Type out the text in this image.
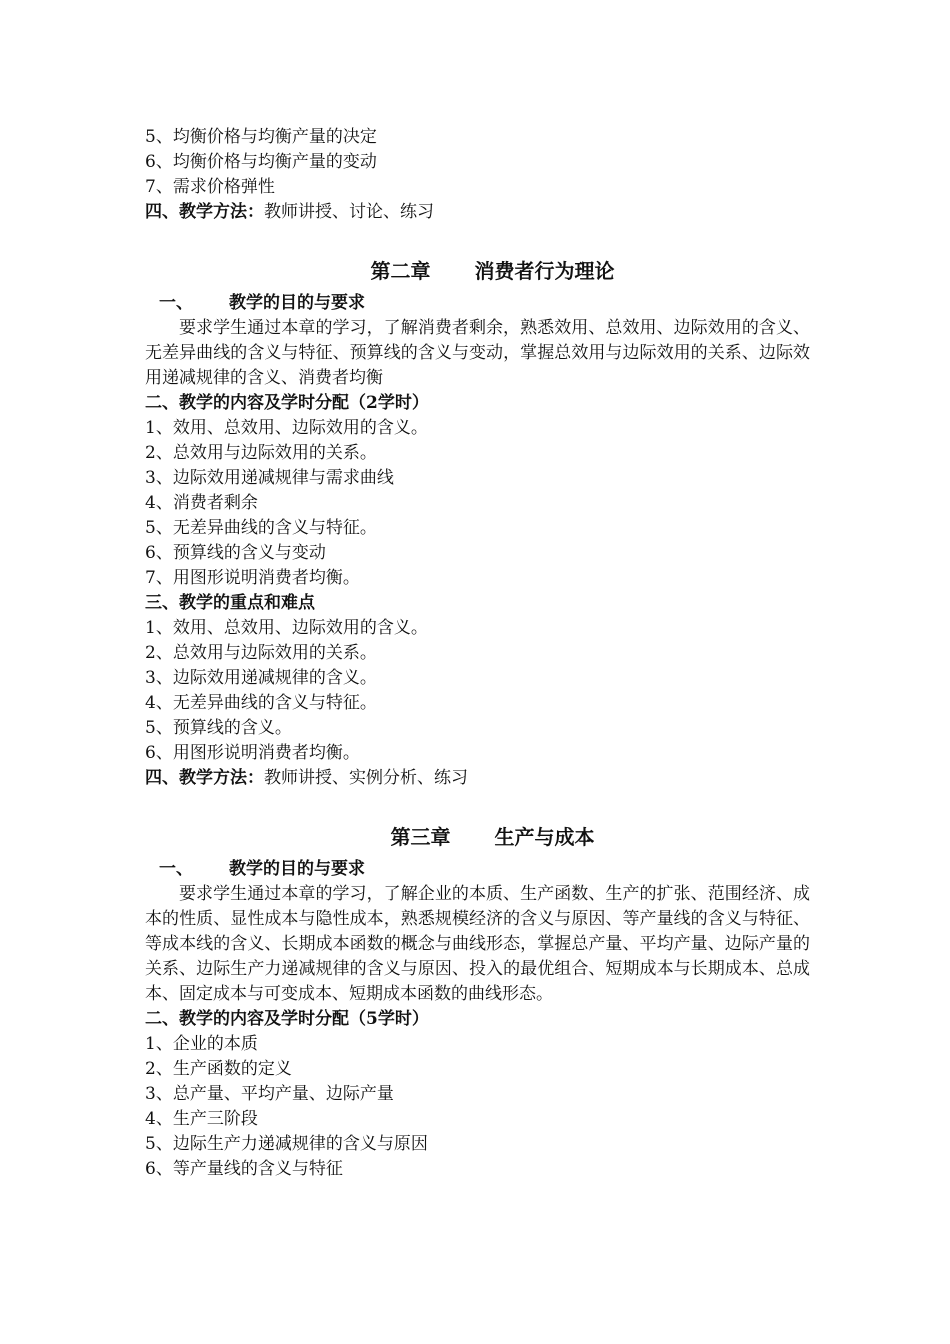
5、均衡价格与均衡产量的决定
6、均衡价格与均衡产量的变动
7、需求价格弹性
四、教学方法：教师讲授、讨论、练习
第二章 消费者行为理论
一、 教学的目的与要求
要求学生通过本章的学习，了解消费者剩余，熟悉效用、总效用、边际效用的含义、无差异曲线的含义与特征、预算线的含义与变动，掌握总效用与边际效用的关系、边际效用递减规律的含义、消费者均衡
二、教学的内容及学时分配（2学时）
1、效用、总效用、边际效用的含义。
2、总效用与边际效用的关系。
3、边际效用递减规律与需求曲线
4、消费者剩余
5、无差异曲线的含义与特征。
6、预算线的含义与变动
7、用图形说明消费者均衡。
三、教学的重点和难点
1、效用、总效用、边际效用的含义。
2、总效用与边际效用的关系。
3、边际效用递减规律的含义。
4、无差异曲线的含义与特征。
5、预算线的含义。
6、用图形说明消费者均衡。
四、教学方法：教师讲授、实例分析、练习
第三章 生产与成本
一、 教学的目的与要求
要求学生通过本章的学习，了解企业的本质、生产函数、生产的扩张、范围经济、成本的性质、显性成本与隐性成本，熟悉规模经济的含义与原因、等产量线的含义与特征、等成本线的含义、长期成本函数的概念与曲线形态，掌握总产量、平均产量、边际产量的关系、边际生产力递减规律的含义与原因、投入的最优组合、短期成本与长期成本、总成本、固定成本与可变成本、短期成本函数的曲线形态。
二、教学的内容及学时分配（5学时）
1、企业的本质
2、生产函数的定义
3、总产量、平均产量、边际产量
4、生产三阶段
5、边际生产力递减规律的含义与原因
6、等产量线的含义与特征
